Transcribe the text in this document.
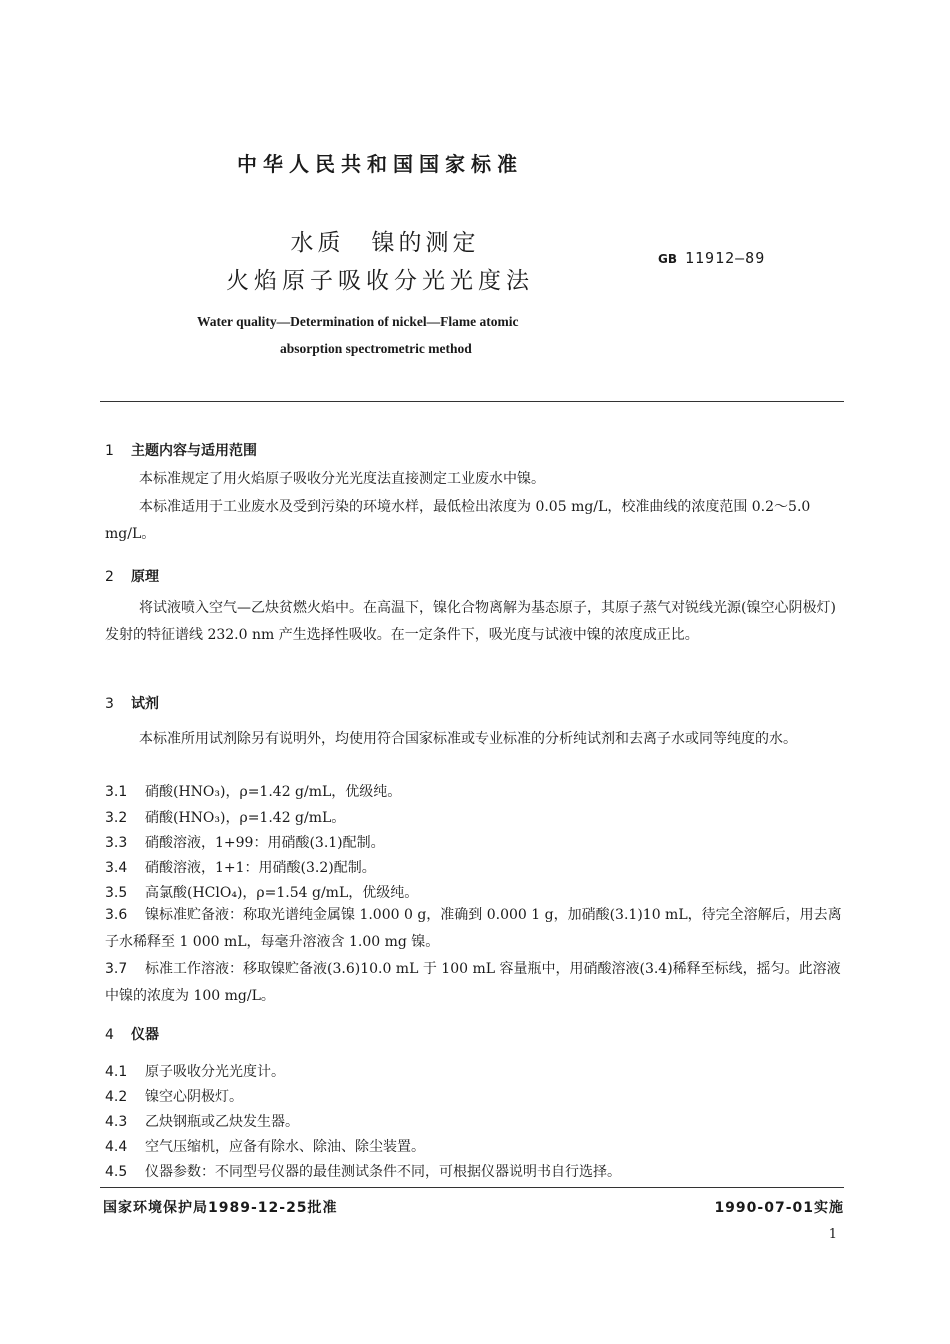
中华人民共和国国家标准
水质　镍的测定
火焰原子吸收分光光度法
GB 11912—89
Water quality—Determination of nickel—Flame atomic
absorption spectrometric method
1 主题内容与适用范围
本标准规定了用火焰原子吸收分光光度法直接测定工业废水中镍。
本标准适用于工业废水及受到污染的环境水样，最低检出浓度为 0.05 mg/L，校准曲线的浓度范围 0.2～5.0 mg/L。
2 原理
将试液喷入空气—乙炔贫燃火焰中。在高温下，镍化合物离解为基态原子，其原子蒸气对锐线光源(镍空心阴极灯)发射的特征谱线 232.0 nm 产生选择性吸收。在一定条件下，吸光度与试液中镍的浓度成正比。
3 试剂
本标准所用试剂除另有说明外，均使用符合国家标准或专业标准的分析纯试剂和去离子水或同等纯度的水。
3.1 硝酸(HNO₃)，ρ=1.42 g/mL，优级纯。
3.2 硝酸(HNO₃)，ρ=1.42 g/mL。
3.3 硝酸溶液，1+99：用硝酸(3.1)配制。
3.4 硝酸溶液，1+1：用硝酸(3.2)配制。
3.5 高氯酸(HClO₄)，ρ=1.54 g/mL，优级纯。
3.6 镍标准贮备液：称取光谱纯金属镍 1.000 0 g，准确到 0.000 1 g，加硝酸(3.1)10 mL，待完全溶解后，用去离子水稀释至 1 000 mL，每毫升溶液含 1.00 mg 镍。
3.7 标准工作溶液：移取镍贮备液(3.6)10.0 mL 于 100 mL 容量瓶中，用硝酸溶液(3.4)稀释至标线，摇匀。此溶液中镍的浓度为 100 mg/L。
4 仪器
4.1 原子吸收分光光度计。
4.2 镍空心阴极灯。
4.3 乙炔钢瓶或乙炔发生器。
4.4 空气压缩机，应备有除水、除油、除尘装置。
4.5 仪器参数：不同型号仪器的最佳测试条件不同，可根据仪器说明书自行选择。
国家环境保护局1989-12-25批准	1990-07-01实施
1
